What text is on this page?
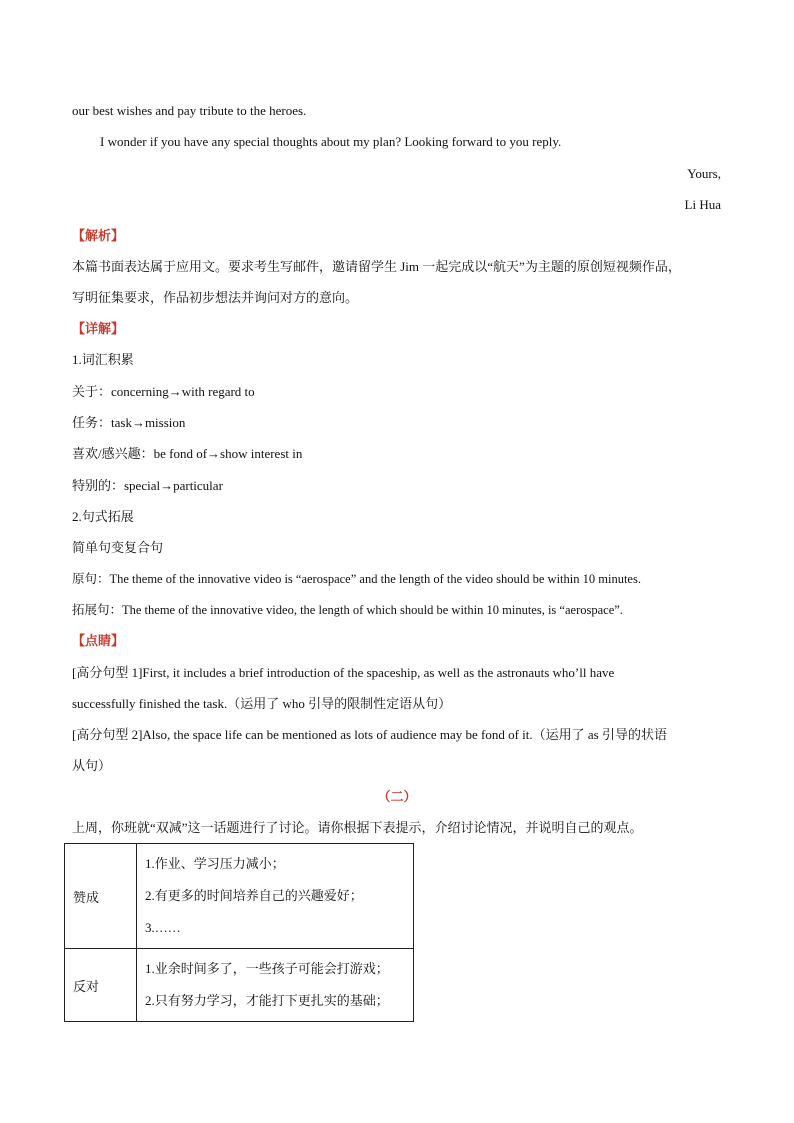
our best wishes and pay tribute to the heroes.
I wonder if you have any special thoughts about my plan? Looking forward to you reply.
Yours,
Li Hua
【解析】
本篇书面表达属于应用文。要求考生写邮件，邀请留学生 Jim 一起完成以“航天”为主题的原创短视频作品，
写明征集要求，作品初步想法并询问对方的意向。
【详解】
1.词汇积累
关于：concerning→with regard to
任务：task→mission
喜欢/感兴趣：be fond of→show interest in
特别的：special→particular
2.句式拓展
简单句变复合句
原句：The theme of the innovative video is “aerospace” and the length of the video should be within 10 minutes.
拓展句：The theme of the innovative video, the length of which should be within 10 minutes, is “aerospace”.
【点睛】
[高分句型 1]First, it includes a brief introduction of the spaceship, as well as the astronauts who’ll have
successfully finished the task.（运用了 who 引导的限制性定语从句）
[高分句型 2]Also, the space life can be mentioned as lots of audience may be fond of it.（运用了 as 引导的状语
从句）
（二）
上周，你班就“双减”这一话题进行了讨论。请你根据下表提示，介绍讨论情况，并说明自己的观点。
赞成	1.作业、学习压力减小；
2.有更多的时间培养自己的兴趣爱好；
3.……

反对	1.业余时间多了，一些孩子可能会打游戏；
2.只有努力学习，才能打下更扎实的基础；
